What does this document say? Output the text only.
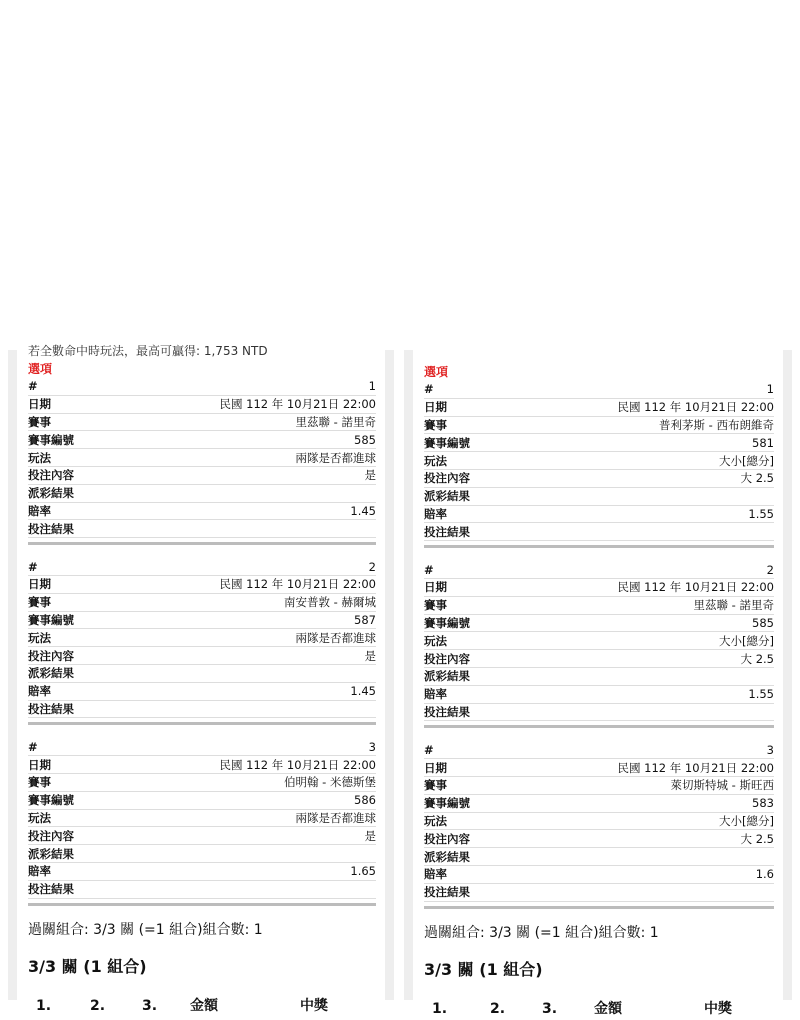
若全數命中時玩法，最高可贏得: 1,753 NTD
選項
#	1
日期	民國 112 年 10月21日 22:00
賽事	里茲聯 - 諾里奇
賽事編號	585
玩法	兩隊是否都進球
投注內容	是
派彩結果
賠率	1.45
投注結果
#	2
日期	民國 112 年 10月21日 22:00
賽事	南安普敦 - 赫爾城
賽事編號	587
玩法	兩隊是否都進球
投注內容	是
派彩結果
賠率	1.45
投注結果
#	3
日期	民國 112 年 10月21日 22:00
賽事	伯明翰 - 米德斯堡
賽事編號	586
玩法	兩隊是否都進球
投注內容	是
派彩結果
賠率	1.65
投注結果
過關組合: 3/3 關 (=1 組合)組合數: 1
3/3 關 (1 組合)
1.	2.	3.	金額	中獎
選項
#	1
日期	民國 112 年 10月21日 22:00
賽事	普利茅斯 - 西布朗維奇
賽事編號	581
玩法	大小[總分]
投注內容	大 2.5
派彩結果
賠率	1.55
投注結果
#	2
日期	民國 112 年 10月21日 22:00
賽事	里茲聯 - 諾里奇
賽事編號	585
玩法	大小[總分]
投注內容	大 2.5
派彩結果
賠率	1.55
投注結果
#	3
日期	民國 112 年 10月21日 22:00
賽事	萊切斯特城 - 斯旺西
賽事編號	583
玩法	大小[總分]
投注內容	大 2.5
派彩結果
賠率	1.6
投注結果
過關組合: 3/3 關 (=1 組合)組合數: 1
3/3 關 (1 組合)
1.	2.	3.	金額	中獎
